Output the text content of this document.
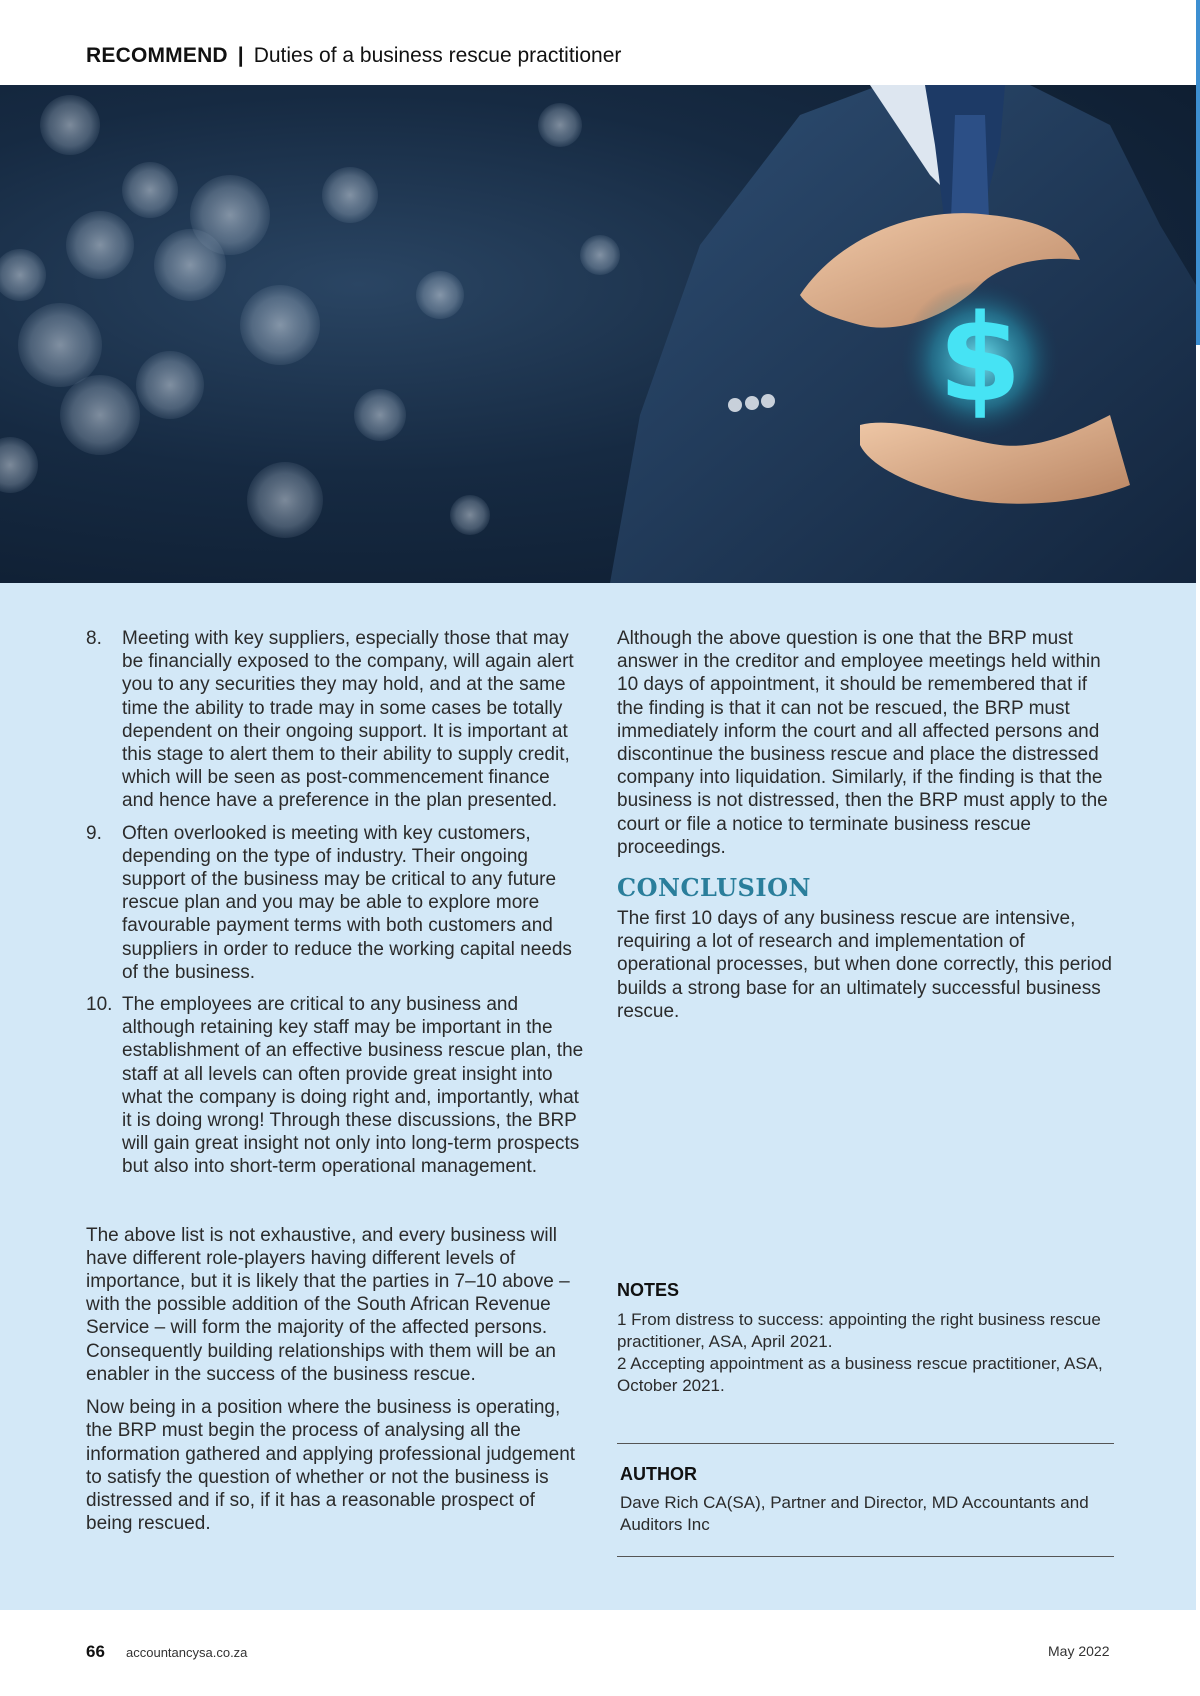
RECOMMEND | Duties of a business rescue practitioner
$
8. Meeting with key suppliers, especially those that may be financially exposed to the company, will again alert you to any securities they may hold, and at the same time the ability to trade may in some cases be totally dependent on their ongoing support. It is important at this stage to alert them to their ability to supply credit, which will be seen as post-commencement finance and hence have a preference in the plan presented.
9. Often overlooked is meeting with key customers, depending on the type of industry. Their ongoing support of the business may be critical to any future rescue plan and you may be able to explore more favourable payment terms with both customers and suppliers in order to reduce the working capital needs of the business.
10. The employees are critical to any business and although retaining key staff may be important in the establishment of an effective business rescue plan, the staff at all levels can often provide great insight into what the company is doing right and, importantly, what it is doing wrong! Through these discussions, the BRP will gain great insight not only into long-term prospects but also into short-term operational management.

The above list is not exhaustive, and every business will have different role-players having different levels of importance, but it is likely that the parties in 7–10 above – with the possible addition of the South African Revenue Service – will form the majority of the affected persons. Consequently building relationships with them will be an enabler in the success of the business rescue.

Now being in a position where the business is operating, the BRP must begin the process of analysing all the information gathered and applying professional judgement to satisfy the question of whether or not the business is distressed and if so, if it has a reasonable prospect of being rescued.

Although the above question is one that the BRP must answer in the creditor and employee meetings held within 10 days of appointment, it should be remembered that if the finding is that it can not be rescued, the BRP must immediately inform the court and all affected persons and discontinue the business rescue and place the distressed company into liquidation. Similarly, if the finding is that the business is not distressed, then the BRP must apply to the court or file a notice to terminate business rescue proceedings.

CONCLUSION

The first 10 days of any business rescue are intensive, requiring a lot of research and implementation of operational processes, but when done correctly, this period builds a strong base for an ultimately successful business rescue.

NOTES

1 From distress to success: appointing the right business rescue practitioner, ASA, April 2021.

2 Accepting appointment as a business rescue practitioner, ASA, October 2021.

AUTHOR

Dave Rich CA(SA), Partner and Director, MD Accountants and Auditors Inc

66 accountancysa.co.za	May 2022
